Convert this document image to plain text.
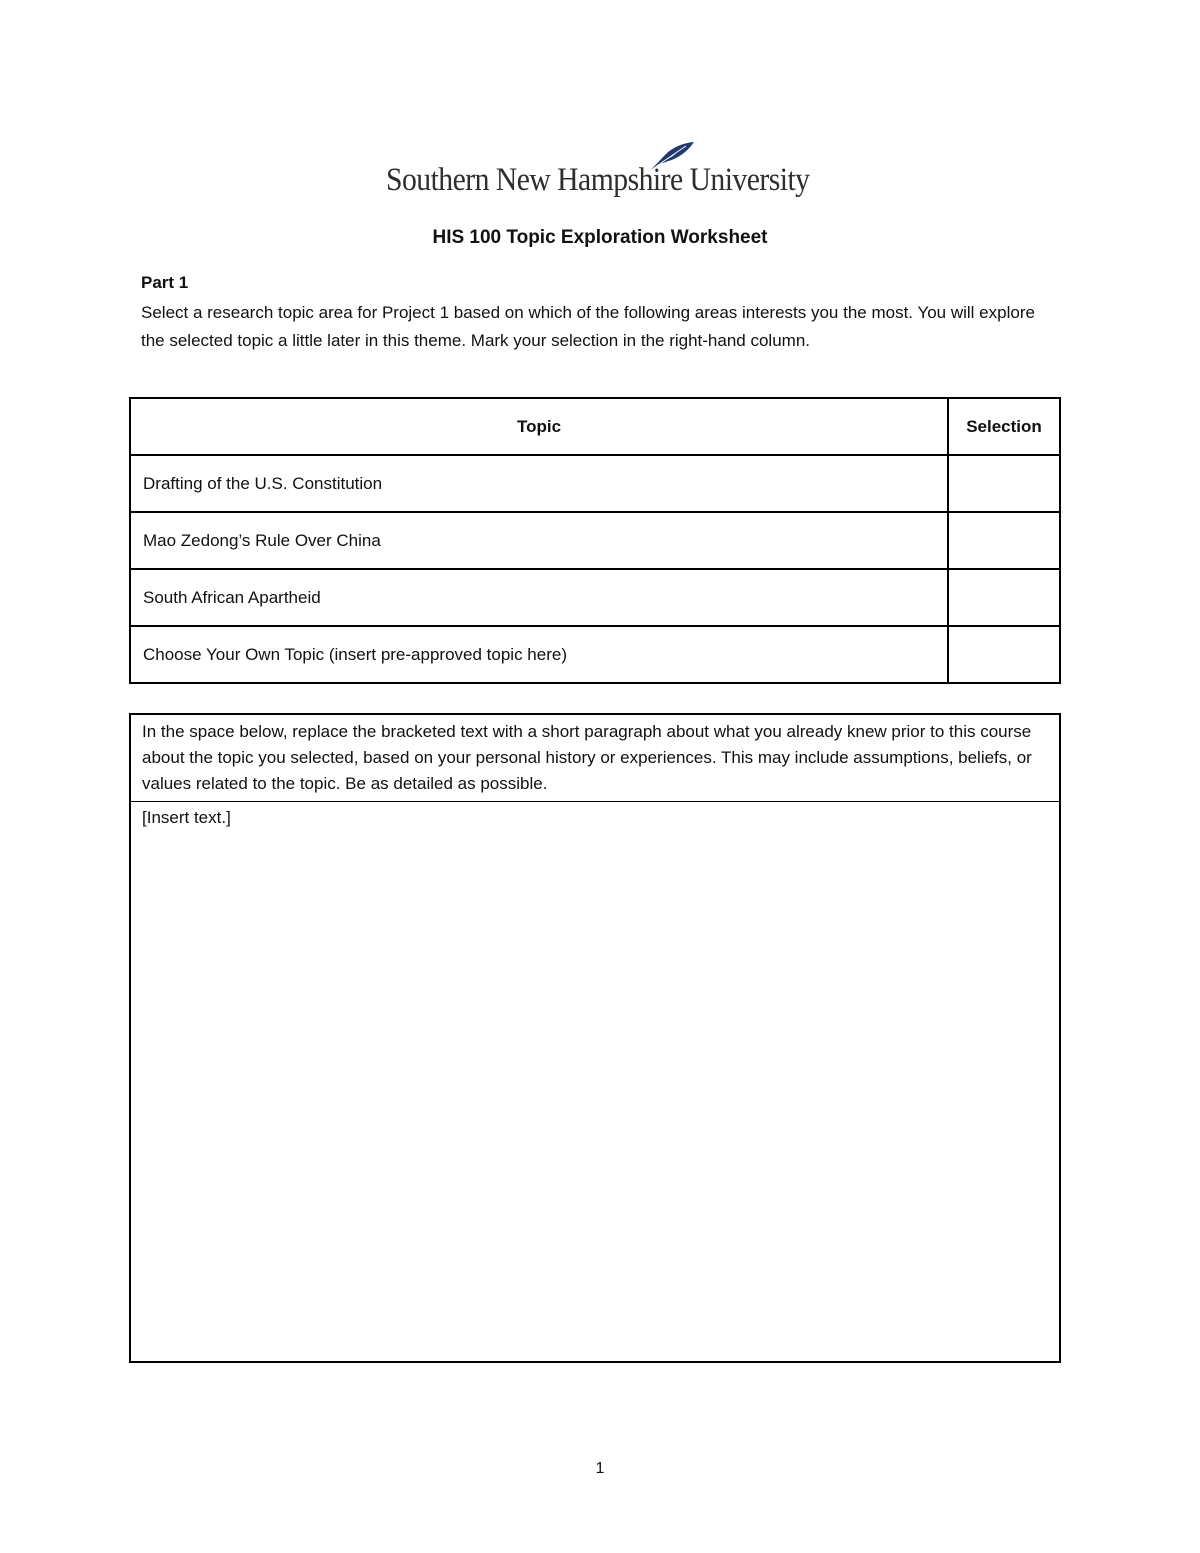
Southern New Hampshire University
HIS 100 Topic Exploration Worksheet
Part 1
Select a research topic area for Project 1 based on which of the following areas interests you the most. You will explore the selected topic a little later in this theme. Mark your selection in the right-hand column.
Topic	Selection
Drafting of the U.S. Constitution	
Mao Zedong’s Rule Over China	
South African Apartheid	
Choose Your Own Topic (insert pre-approved topic here)	
In the space below, replace the bracketed text with a short paragraph about what you already knew prior to this course about the topic you selected, based on your personal history or experiences. This may include assumptions, beliefs, or values related to the topic. Be as detailed as possible.
[Insert text.]
1
